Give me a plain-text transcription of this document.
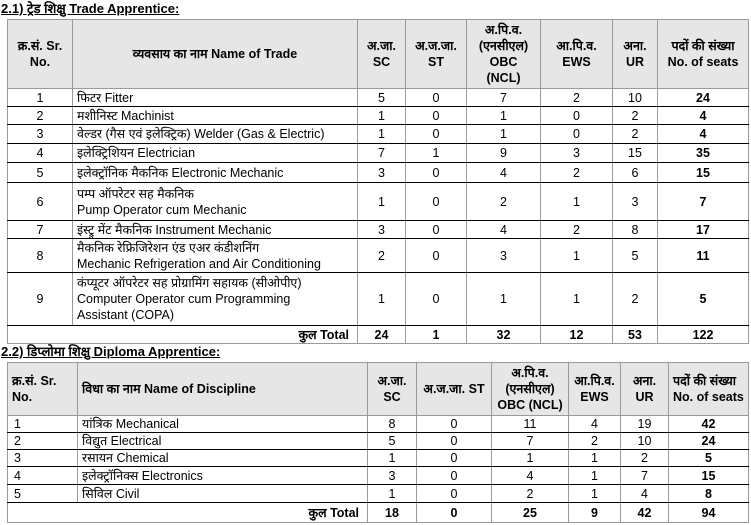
2.1) ट्रेड शिक्षु Trade Apprentice:
क्र.सं. Sr. No.	व्यवसाय का नाम Name of Trade	अ.जा. SC	अ.ज.जा. ST	अ.पि.व. (एनसीएल) OBC (NCL)	आ.पि.व. EWS	अना. UR	पदों की संख्या No. of seats
1	फिटर Fitter	5	0	7	2	10	24
2	मशीनिस्ट Machinist	1	0	1	0	2	4
3	वेल्डर (गैस एवं इलेक्ट्रिक) Welder (Gas & Electric)	1	0	1	0	2	4
4	इलेक्ट्रिशियन Electrician	7	1	9	3	15	35
5	इलेक्ट्रॉनिक मैकनिक Electronic Mechanic	3	0	4	2	6	15
6	पम्प ऑपरेटर सह मैकनिक
Pump Operator cum Mechanic	1	0	2	1	3	7
7	इंस्ट्रु मेंट मैकनिक Instrument Mechanic	3	0	4	2	8	17
8	मैकनिक रेफ्रिजिरेशन एंड एअर कंडीशनिंग
Mechanic Refrigeration and Air Conditioning	2	0	3	1	5	11
9	कंप्यूटर ऑपरेटर सह प्रोग्रामिंग सहायक (सीओपीए)
Computer Operator cum Programming
Assistant (COPA)	1	0	1	1	2	5
कुल Total		24	1	32	12	53	122
2.2) डिप्लोमा शिक्षु Diploma Apprentice:
क्र.सं. Sr. No.	विधा का नाम Name of Discipline	अ.जा. SC	अ.ज.जा. ST	अ.पि.व. (एनसीएल) OBC (NCL)	आ.पि.व. EWS	अना. UR	पदों की संख्या No. of seats
1	यांत्रिक Mechanical	8	0	11	4	19	42
2	विद्युत Electrical	5	0	7	2	10	24
3	रसायन Chemical	1	0	1	1	2	5
4	इलेक्ट्रॉनिक्स Electronics	3	0	4	1	7	15
5	सिविल Civil	1	0	2	1	4	8
कुल Total		18	0	25	9	42	94
